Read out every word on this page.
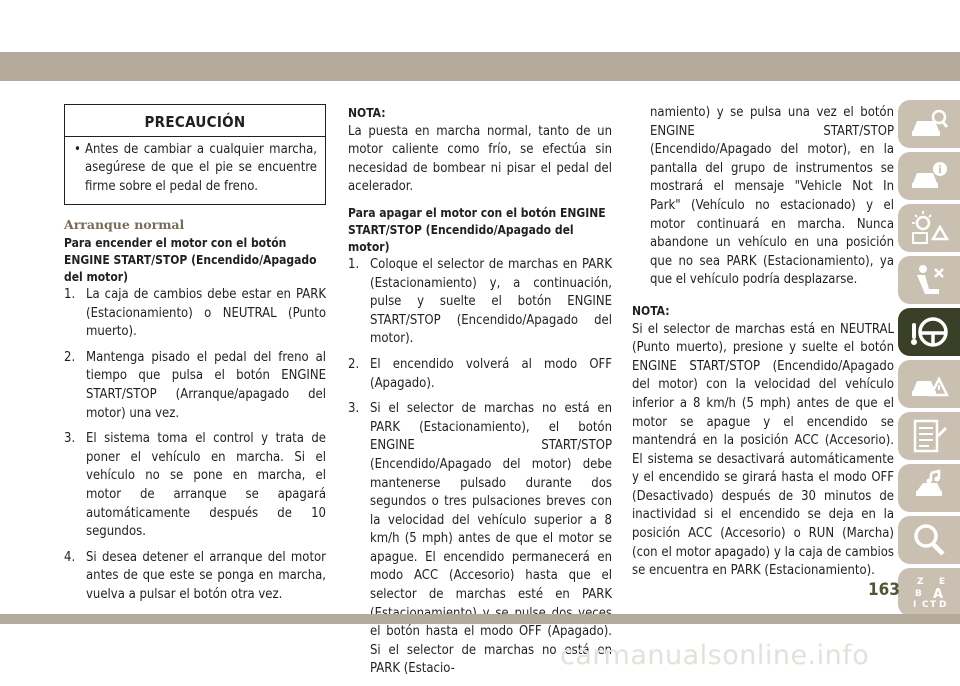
PRECAUCIÓN
• Antes de cambiar a cualquier marcha, asegúrese de que el pie se encuentre firme sobre el pedal de freno.

Arranque normal

Para encender el motor con el botón ENGINE START/STOP (Encendido/Apagado del motor)

1. La caja de cambios debe estar en PARK (Estacionamiento) o NEUTRAL (Punto muerto).
2. Mantenga pisado el pedal del freno al tiempo que pulsa el botón ENGINE START/STOP (Arranque/apagado del motor) una vez.
3. El sistema toma el control y trata de poner el vehículo en marcha. Si el vehículo no se pone en marcha, el motor de arranque se apagará automáticamente después de 10 segundos.
4. Si desea detener el arranque del motor antes de que este se ponga en marcha, vuelva a pulsar el botón otra vez.

NOTA:

La puesta en marcha normal, tanto de un motor caliente como frío, se efectúa sin necesidad de bombear ni pisar el pedal del acelerador.

Para apagar el motor con el botón ENGINE START/STOP (Encendido/Apagado del motor)

1. Coloque el selector de marchas en PARK (Estacionamiento) y, a continuación, pulse y suelte el botón ENGINE START/STOP (Encendido/Apagado del motor).
2. El encendido volverá al modo OFF (Apagado).
3. Si el selector de marchas no está en PARK (Estacionamiento), el botón ENGINE START/STOP (Encendido/Apagado del motor) debe mantenerse pulsado durante dos segundos o tres pulsaciones breves con la velocidad del vehículo superior a 8 km/h (5 mph) antes de que el motor se apague. El encendido permanecerá en modo ACC (Accesorio) hasta que el selector de marchas esté en PARK el botón hasta el modo OFF (Apagado). Si el selector de marchas no está en PARK (Estacio-

namiento) y se pulsa una vez el botón ENGINE START/STOP (Encendido/Apagado del motor), en la pantalla del grupo de instrumentos se mostrará el mensaje "Vehicle Not In Park" (Vehículo no estacionado) y el motor continuará en marcha. Nunca abandone un vehículo en una posición que no sea PARK (Estacionamiento), ya que el vehículo podría desplazarse.

NOTA:

Si el selector de marchas está en NEUTRAL (Punto muerto), presione y suelte el botón ENGINE START/STOP (Encendido/Apagado del motor) con la velocidad del vehículo inferior a 8 km/h (5 mph) antes de que el motor se apague y el encendido se mantendrá en la posición ACC (Accesorio). El sistema se desactivará automáticamente y el encendido se girará hasta el modo OFF (Desactivado) después de 30 minutos de inactividad si el encendido se deja en la posición ACC (Accesorio) o RUN (Marcha) (con el motor apagado) y la caja de cambios se encuentra en PARK (Estacionamiento).

i
Z E
B A
I C T D
163
carmanualsonline.info
